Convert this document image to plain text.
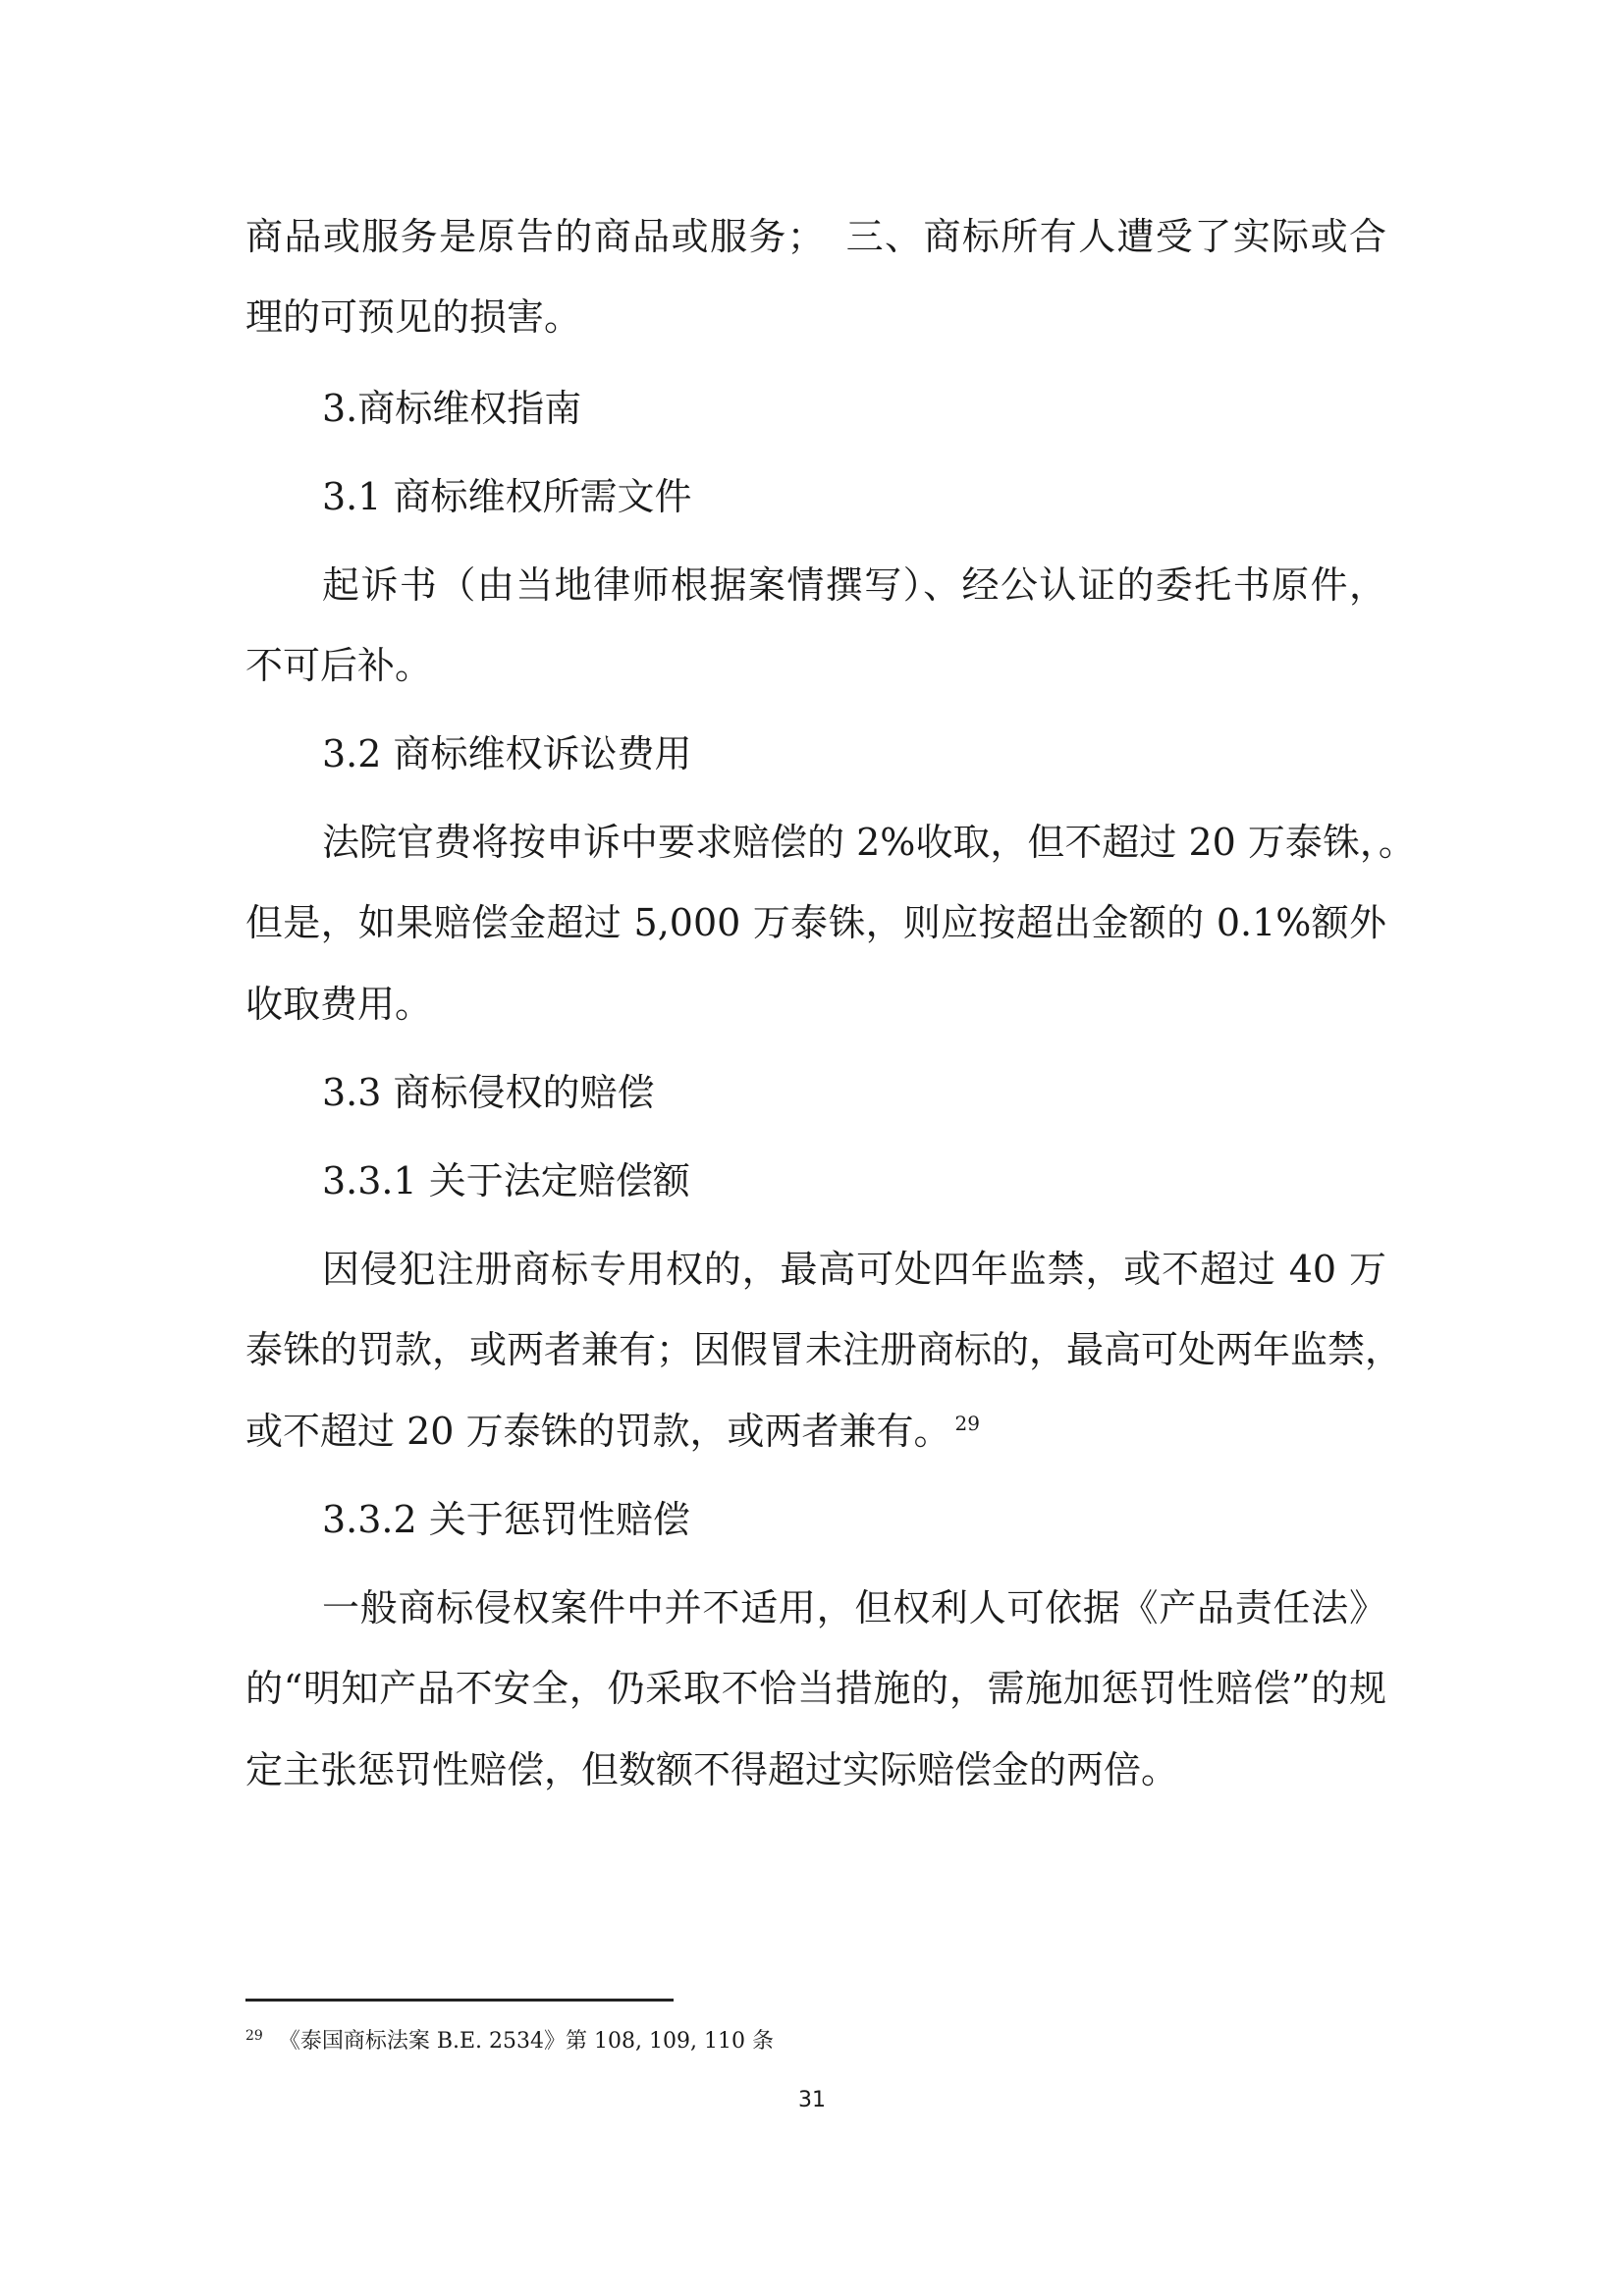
商品或服务是原告的商品或服务；　三、商标所有人遭受了实际或合

理的可预见的损害。

3.商标维权指南

3.1 商标维权所需文件

起诉书（由当地律师根据案情撰写）、经公认证的委托书原件，

不可后补。

3.2 商标维权诉讼费用

法院官费将按申诉中要求赔偿的 2%收取，但不超过 20 万泰铢，。

但是，如果赔偿金超过 5,000 万泰铢，则应按超出金额的 0.1%额外

收取费用。

3.3 商标侵权的赔偿

3.3.1 关于法定赔偿额

因侵犯注册商标专用权的，最高可处四年监禁，或不超过 40 万

泰铢的罚款，或两者兼有；因假冒未注册商标的，最高可处两年监禁，

或不超过 20 万泰铢的罚款，或两者兼有。 $^{29}$

3.3.2 关于惩罚性赔偿

一般商标侵权案件中并不适用，但权利人可依据《产品责任法》

的“明知产品不安全，仍采取不恰当措施的，需施加惩罚性赔偿”的规

定主张惩罚性赔偿，但数额不得超过实际赔偿金的两倍。

$^{29}$ 《泰国商标法案 B.E. 2534》第 108, 109, 110 条
31
